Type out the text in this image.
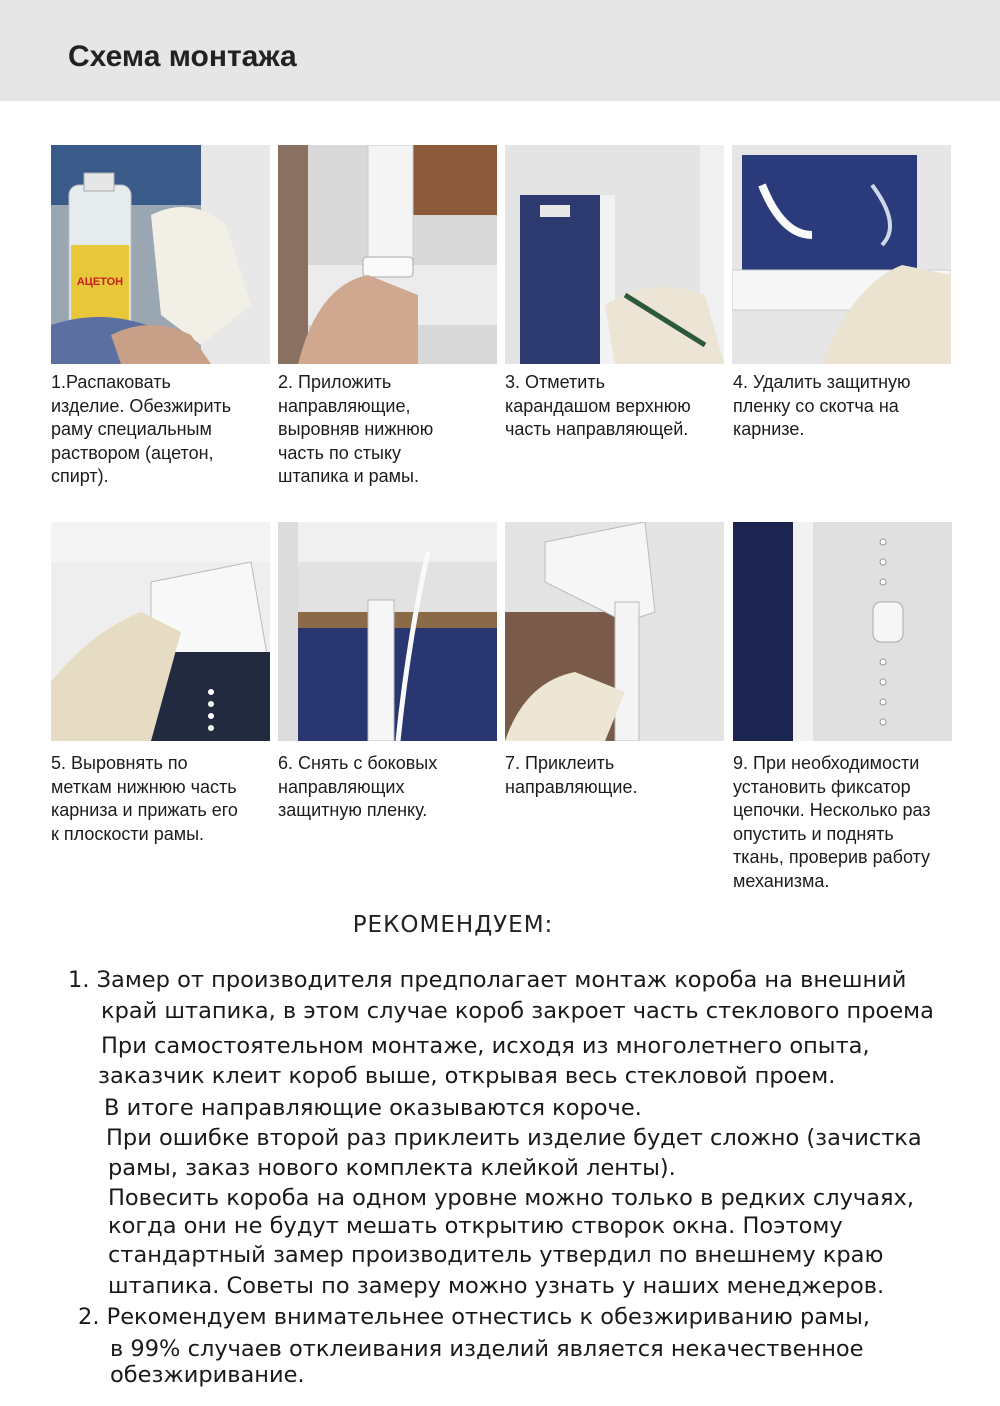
Схема монтажа
АЦЕТОН
1.Распаковать
изделие. Обезжирить
раму специальным
раствором (ацетон,
спирт).
2. Приложить
направляющие,
выровняв нижнюю
часть по стыку
штапика и рамы.
3. Отметить
карандашом верхнюю
часть направляющей.
4. Удалить защитную
пленку со скотча на
карнизе.
5. Выровнять по
меткам нижнюю часть
карниза и прижать его
к плоскости рамы.
6. Снять с боковых
направляющих
защитную пленку.
7. Приклеить
направляющие.
9. При необходимости
установить фиксатор
цепочки. Несколько раз
опустить и поднять
ткань, проверив работу
механизма.
РЕКОМЕНДУЕМ:
1. Замер от производителя предполагает монтаж короба на внешний
край штапика, в этом случае короб закроет часть стеклового проема
При самостоятельном монтаже, исходя из многолетнего опыта,
заказчик клеит короб выше, открывая весь стекловой проем.
В итоге направляющие оказываются короче.
При ошибке второй раз приклеить изделие будет сложно (зачистка
рамы, заказ нового комплекта клейкой ленты).
Повесить короба на одном уровне можно только в редких случаях,
когда они не будут мешать открытию створок окна. Поэтому
стандартный замер производитель утвердил по внешнему краю
штапика. Советы по замеру можно узнать у наших менеджеров.
2. Рекомендуем внимательнее отнестись к обезжириванию рамы,
в 99% случаев отклеивания изделий является некачественное
обезжиривание.
